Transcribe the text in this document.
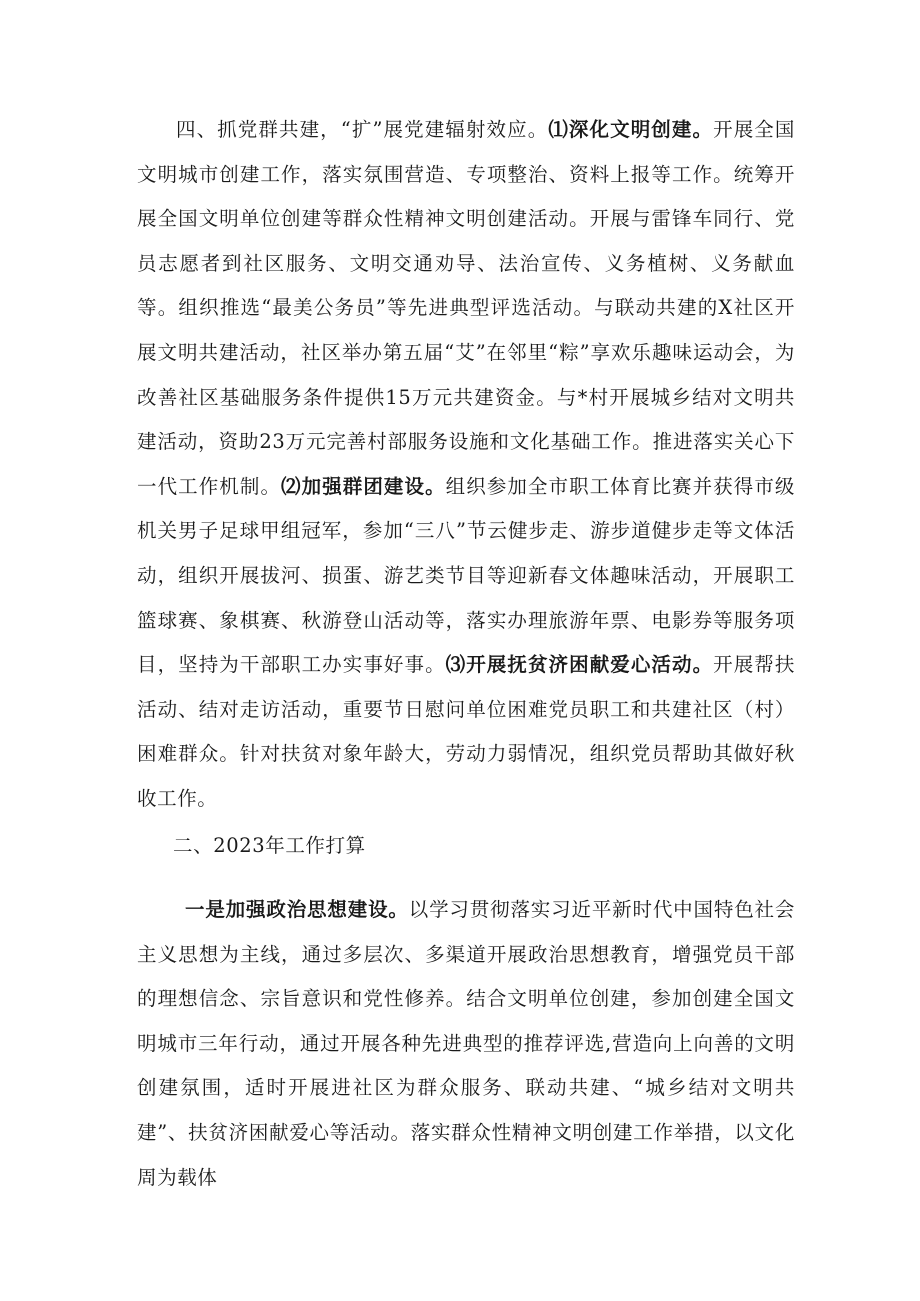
四、抓党群共建，“扩”展党建辐射效应。⑴深化文明创建。开展全国文明城市创建工作，落实氛围营造、专项整治、资料上报等工作。统筹开展全国文明单位创建等群众性精神文明创建活动。开展与雷锋车同行、党员志愿者到社区服务、文明交通劝导、法治宣传、义务植树、义务献血等。组织推选“最美公务员”等先进典型评选活动。与联动共建的X社区开展文明共建活动，社区举办第五届“艾”在邻里“粽”享欢乐趣味运动会，为改善社区基础服务条件提供15万元共建资金。与*村开展城乡结对文明共建活动，资助23万元完善村部服务设施和文化基础工作。推进落实关心下一代工作机制。⑵加强群团建设。组织参加全市职工体育比赛并获得市级机关男子足球甲组冠军，参加“三八”节云健步走、游步道健步走等文体活动，组织开展拔河、损蛋、游艺类节目等迎新春文体趣味活动，开展职工篮球赛、象棋赛、秋游登山活动等，落实办理旅游年票、电影券等服务项目，坚持为干部职工办实事好事。⑶开展抚贫济困献爱心活动。开展帮扶活动、结对走访活动，重要节日慰问单位困难党员职工和共建社区（村）困难群众。针对扶贫对象年龄大，劳动力弱情况，组织党员帮助其做好秋收工作。

二、2023年工作打算

一是加强政治思想建设。以学习贯彻落实习近平新时代中国特色社会主义思想为主线，通过多层次、多渠道开展政治思想教育，增强党员干部的理想信念、宗旨意识和党性修养。结合文明单位创建，参加创建全国文明城市三年行动，通过开展各种先进典型的推荐评选,营造向上向善的文明创建氛围，适时开展进社区为群众服务、联动共建、“城乡结对文明共建”、扶贫济困献爱心等活动。落实群众性精神文明创建工作举措，以文化周为载体
